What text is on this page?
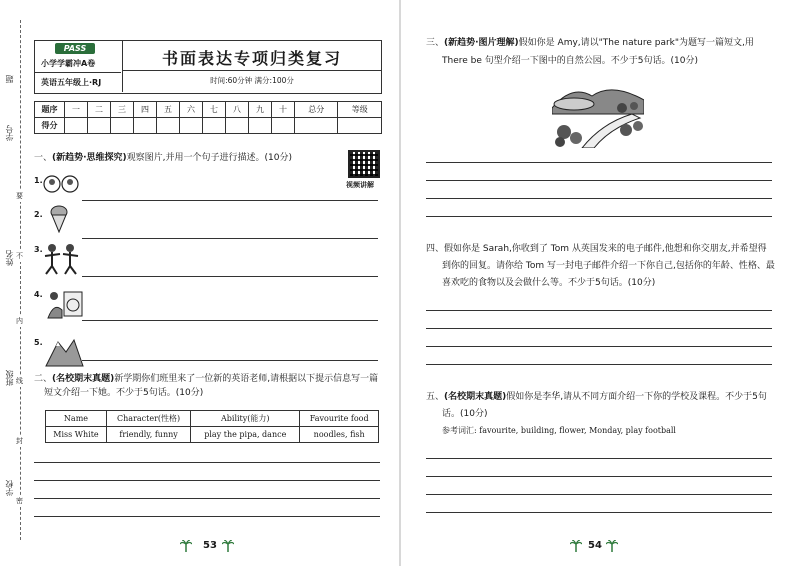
题
学号
姓名
班级
学校
要
不
内
线
封
密
PASS
小学学霸冲A卷
英语五年级上·RJ
书面表达专项归类复习
时间:60分钟 满分:100分
题序	一	二	三	四	五	六	七	八	九	十	总分	等级
得分												
视频讲解
一、(新趋势·思维探究)观察图片,并用一个句子进行描述。(10分)
1.
2.
3.
4.
5.
二、(名校期末真题)新学期你们班里来了一位新的英语老师,请根据以下提示信息写一篇
短文介绍一下她。不少于5句话。(10分)
Name	Character(性格)	Ability(能力)	Favourite food
Miss White	friendly, funny	play the pipa, dance	noodles, fish
53
三、(新趋势·图片理解)假如你是 Amy,请以"The nature park"为题写一篇短文,用
There be 句型介绍一下图中的自然公园。不少于5句话。(10分)
四、假如你是 Sarah,你收到了 Tom 从英国发来的电子邮件,他想和你交朋友,并希望得
到你的回复。请你给 Tom 写一封电子邮件介绍一下你自己,包括你的年龄、性格、最
喜欢吃的食物以及会做什么等。不少于5句话。(10分)
五、(名校期末真题)假如你是李华,请从不同方面介绍一下你的学校及课程。不少于5句
话。(10分)
参考词汇: favourite, building, flower, Monday, play football
54
